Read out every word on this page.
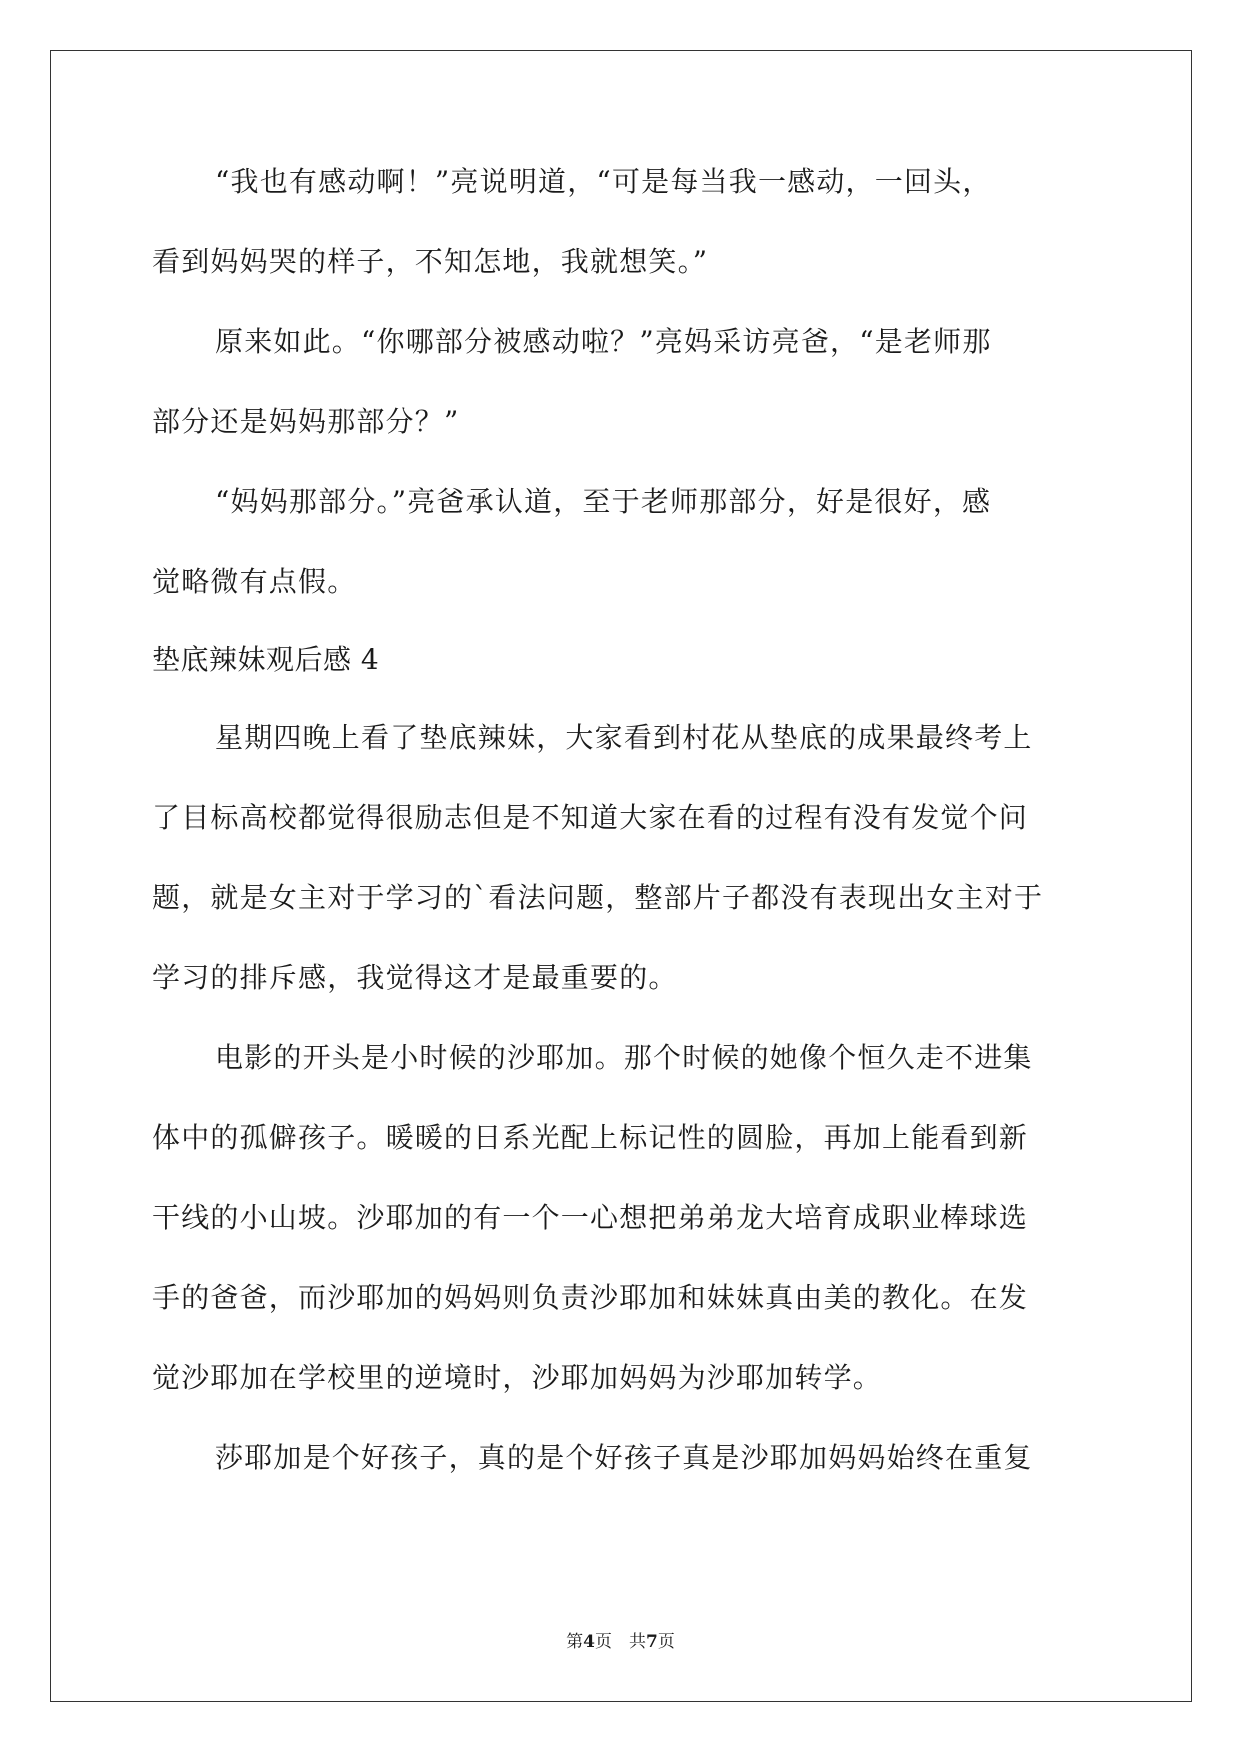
“我也有感动啊！”亮说明道，“可是每当我一感动，一回头，
看到妈妈哭的样子，不知怎地，我就想笑。”
原来如此。“你哪部分被感动啦？”亮妈采访亮爸，“是老师那
部分还是妈妈那部分？”
“妈妈那部分。”亮爸承认道，至于老师那部分，好是很好，感
觉略微有点假。
垫底辣妹观后感 4
星期四晚上看了垫底辣妹，大家看到村花从垫底的成果最终考上
了目标高校都觉得很励志但是不知道大家在看的过程有没有发觉个问
题，就是女主对于学习的`看法问题，整部片子都没有表现出女主对于
学习的排斥感，我觉得这才是最重要的。
电影的开头是小时候的沙耶加。那个时候的她像个恒久走不进集
体中的孤僻孩子。暖暖的日系光配上标记性的圆脸，再加上能看到新
干线的小山坡。沙耶加的有一个一心想把弟弟龙大培育成职业棒球选
手的爸爸，而沙耶加的妈妈则负责沙耶加和妹妹真由美的教化。在发
觉沙耶加在学校里的逆境时，沙耶加妈妈为沙耶加转学。
莎耶加是个好孩子，真的是个好孩子真是沙耶加妈妈始终在重复
第4页　共7页
